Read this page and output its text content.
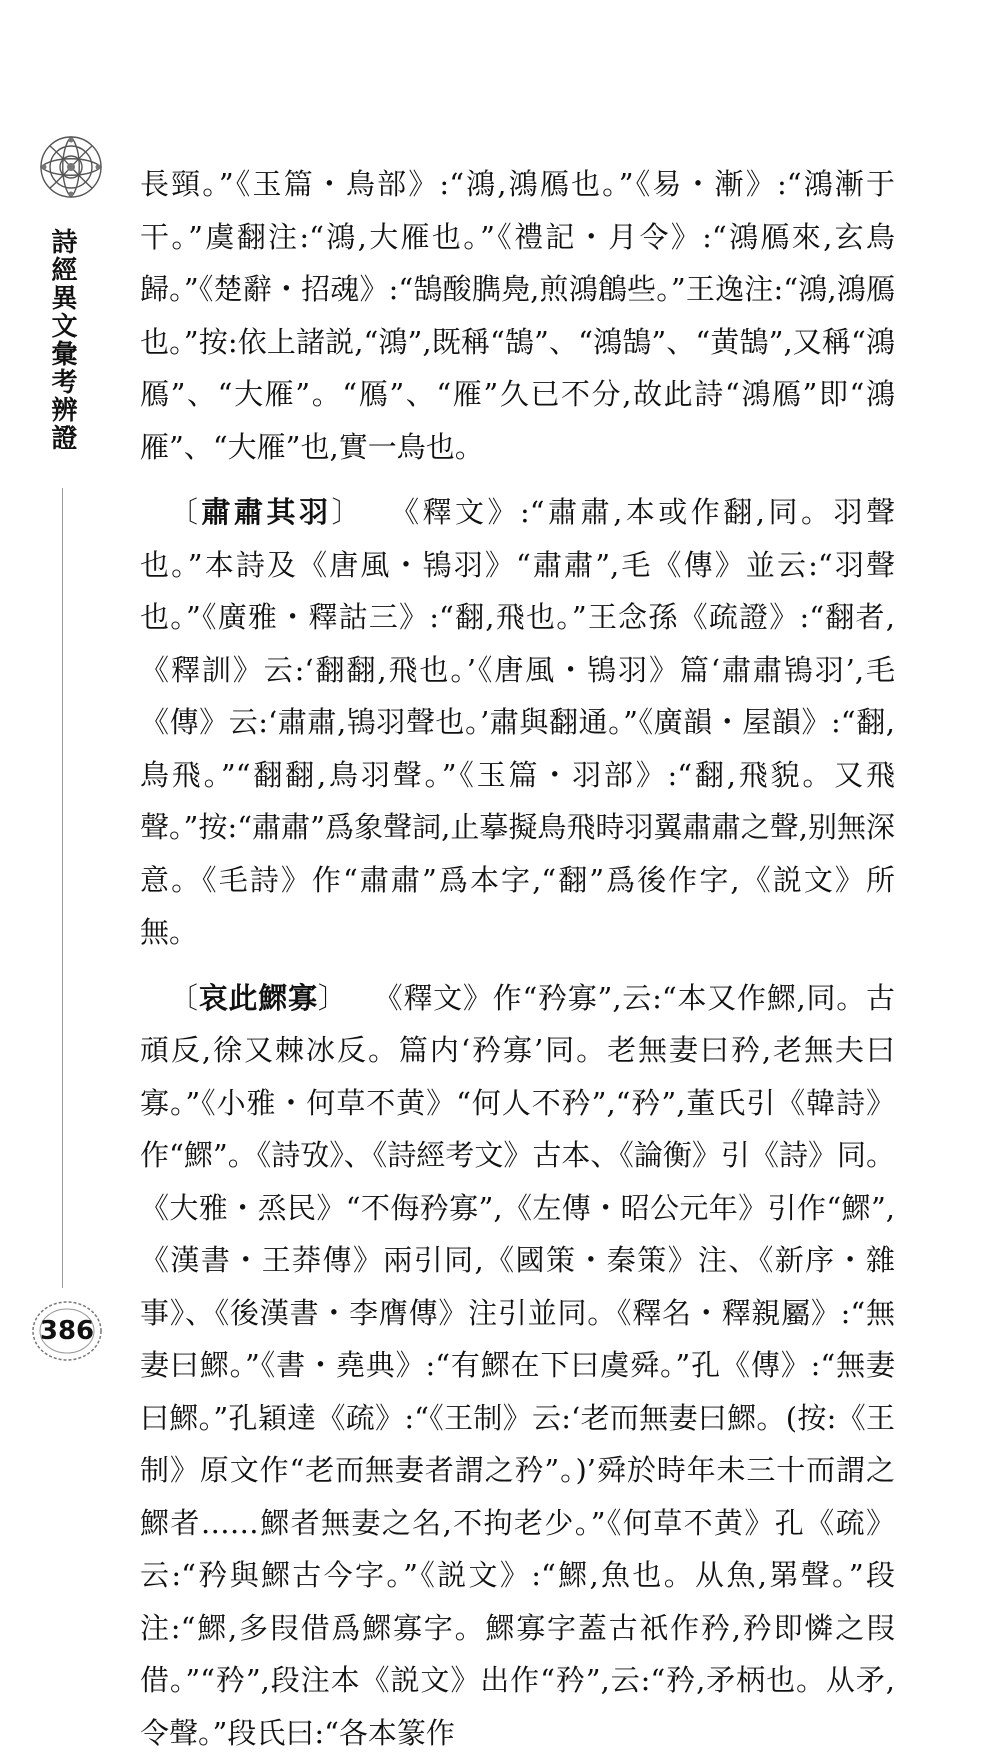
詩經異文彙考辨證
386

長頸。”《玉篇・鳥部》:“鴻,鴻鴈也。”《易・漸》:“鴻漸于干。”虞翻注:“鴻,大雁也。”《禮記・月令》:“鴻鴈來,玄鳥歸。”《楚辭・招魂》:“鵠酸臇鳧,煎鴻鶬些。”王逸注:“鴻,鴻鴈也。”按:依上諸説,“鴻”,既稱“鵠”、“鴻鵠”、“黄鵠”,又稱“鴻鴈”、“大雁”。“鴈”、“雁”久已不分,故此詩“鴻鴈”即“鴻雁”、“大雁”也,實一鳥也。

〔肅肅其羽〕 《釋文》:“肅肅,本或作翻,同。羽聲也。”本詩及《唐風・鴇羽》“肅肅”,毛《傳》並云:“羽聲也。”《廣雅・釋詁三》:“翻,飛也。”王念孫《疏證》:“翻者,《釋訓》云:‘翻翻,飛也。’《唐風・鴇羽》篇‘肅肅鴇羽’,毛《傳》云:‘肅肅,鴇羽聲也。’肅與翻通。”《廣韻・屋韻》:“翻,鳥飛。”“翻翻,鳥羽聲。”《玉篇・羽部》:“翻,飛貌。又飛聲。”按:“肅肅”爲象聲詞,止摹擬鳥飛時羽翼肅肅之聲,别無深意。《毛詩》作“肅肅”爲本字,“翻”爲後作字,《説文》所無。

〔哀此鰥寡〕 《釋文》作“矜寡”,云:“本又作鰥,同。古頑反,徐又棘冰反。篇内‘矜寡’同。老無妻曰矜,老無夫曰寡。”《小雅・何草不黄》“何人不矜”,“矜”,董氏引《韓詩》作“鰥”。《詩攷》、《詩經考文》古本、《論衡》引《詩》同。《大雅・烝民》“不侮矜寡”,《左傳・昭公元年》引作“鰥”,《漢書・王莽傳》兩引同,《國策・秦策》注、《新序・雜事》、《後漢書・李膺傳》注引並同。《釋名・釋親屬》:“無妻曰鰥。”《書・堯典》:“有鰥在下曰虞舜。”孔《傳》:“無妻曰鰥。”孔穎達《疏》:“《王制》云:‘老而無妻曰鰥。(按:《王制》原文作“老而無妻者謂之矜”。)’舜於時年未三十而謂之鰥者……鰥者無妻之名,不拘老少。”《何草不黄》孔《疏》云:“矜與鰥古今字。”《説文》:“鰥,魚也。从魚,罤聲。”段注:“鰥,多叚借爲鰥寡字。鰥寡字蓋古祇作矜,矜即憐之叚借。”“矜”,段注本《説文》出作“矜”,云:“矜,矛柄也。从矛,令聲。”段氏曰:“各本篆作
